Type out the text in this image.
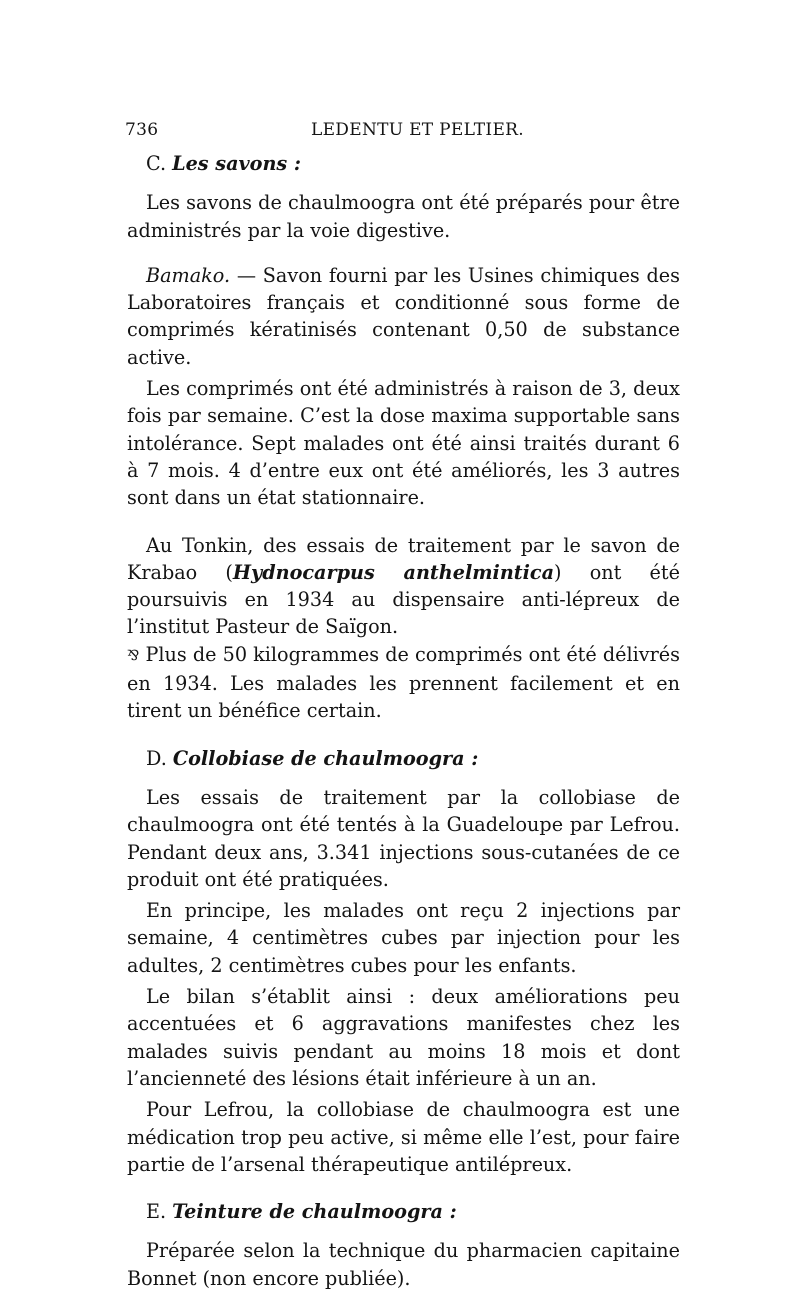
736	LEDENTU ET PELTIER.
C. Les savons :

Les savons de chaulmoogra ont été préparés pour être administrés par la voie digestive.

Bamako. — Savon fourni par les Usines chimiques des Laboratoires français et conditionné sous forme de comprimés kératinisés contenant 0,50 de substance active.

Les comprimés ont été administrés à raison de 3, deux fois par semaine. C’est la dose maxima supportable sans intolérance. Sept malades ont été ainsi traités durant 6 à 7 mois. 4 d’entre eux ont été améliorés, les 3 autres sont dans un état stationnaire.

Au Tonkin, des essais de traitement par le savon de Krabao (Hydnocarpus anthelmintica) ont été poursuivis en 1934 au dispensaire anti-lépreux de l’institut Pasteur de Saïgon.

⅋ Plus de 50 kilogrammes de comprimés ont été délivrés en 1934. Les malades les prennent facilement et en tirent un bénéfice certain.

D. Collobiase de chaulmoogra :

Les essais de traitement par la collobiase de chaulmoogra ont été tentés à la Guadeloupe par Lefrou. Pendant deux ans, 3.341 injections sous-cutanées de ce produit ont été pratiquées.

En principe, les malades ont reçu 2 injections par semaine, 4 centimètres cubes par injection pour les adultes, 2 centimètres cubes pour les enfants.

Le bilan s’établit ainsi : deux améliorations peu accentuées et 6 aggravations manifestes chez les malades suivis pendant au moins 18 mois et dont l’ancienneté des lésions était inférieure à un an.

Pour Lefrou, la collobiase de chaulmoogra est une médication trop peu active, si même elle l’est, pour faire partie de l’arsenal thérapeutique antilépreux.

E. Teinture de chaulmoogra :

Préparée selon la technique du pharmacien capitaine Bonnet (non encore publiée).
